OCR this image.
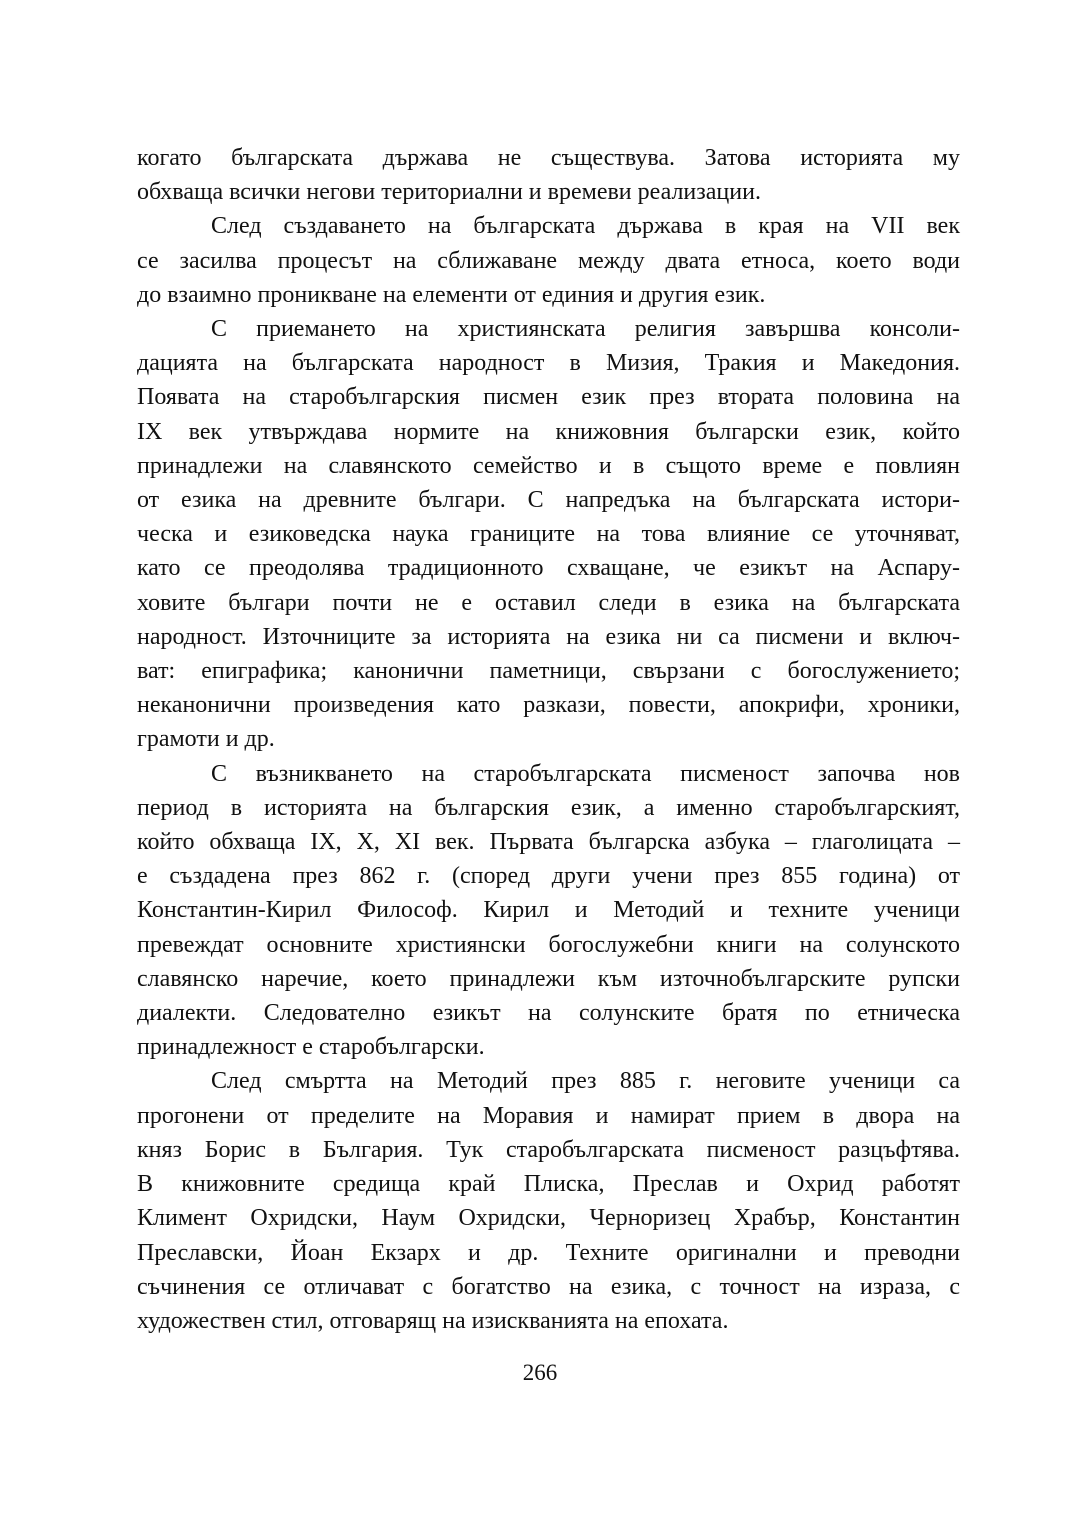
когато българската държава не съществува. Затова историята му
обхваща всички негови териториални и времеви реализации.
След създаването на българската държава в края на VII век
се засилва процесът на сближаване между двата етноса, което води
до взаимно проникване на елементи от единия и другия език.
С приемането на християнската религия завършва консоли-
дацията на българската народност в Мизия, Тракия и Македония.
Появата на старобългарския писмен език през втората половина на
IX век утвърждава нормите на книжовния български език, който
принадлежи на славянското семейство и в същото време е повлиян
от езика на древните българи. С напредъка на българската истори-
ческа и езиковедска наука границите на това влияние се уточняват,
като се преодолява традиционното схващане, че езикът на Аспару-
ховите българи почти не е оставил следи в езика на българската
народност. Източниците за историята на езика ни са писмени и включ-
ват: епиграфика; канонични паметници, свързани с богослужението;
неканонични произведения като разкази, повести, апокрифи, хроники,
грамоти и др.
С възникването на старобългарската писменост започва нов
период в историята на българския език, а именно старобългарският,
който обхваща IX, X, XI век. Първата българска азбука – глаголицата –
е създадена през 862 г. (според други учени през 855 година) от
Константин-Кирил Философ. Кирил и Методий и техните ученици
превеждат основните християнски богослужебни книги на солунското
славянско наречие, което принадлежи към източнобългарските рупски
диалекти. Следователно езикът на солунските братя по етническа
принадлежност е старобългарски.
След смъртта на Методий през 885 г. неговите ученици са
прогонени от пределите на Моравия и намират прием в двора на
княз Борис в България. Тук старобългарската писменост разцъфтява.
В книжовните средища край Плиска, Преслав и Охрид работят
Климент Охридски, Наум Охридски, Черноризец Храбър, Константин
Преславски, Йоан Екзарх и др. Техните оригинални и преводни
съчинения се отличават с богатство на езика, с точност на израза, с
художествен стил, отговарящ на изискванията на епохата.
266
